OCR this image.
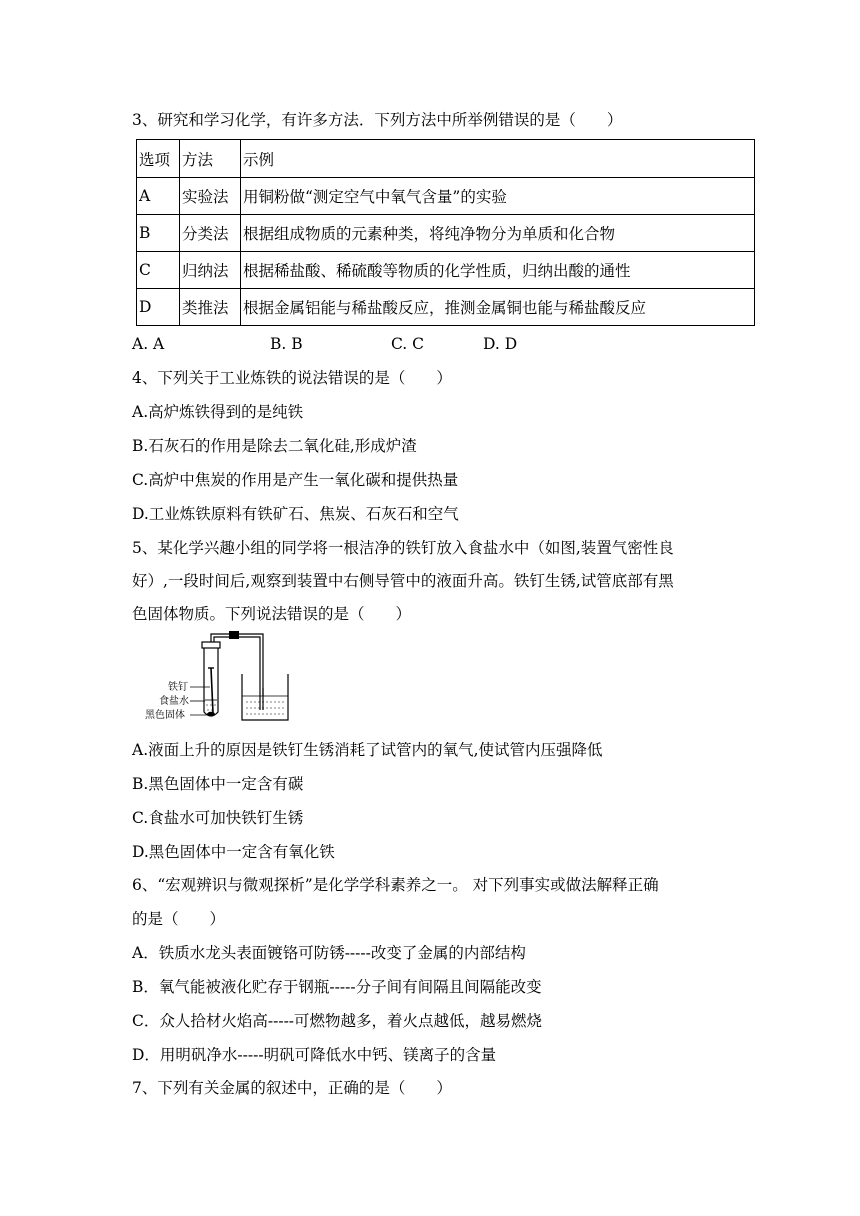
3、研究和学习化学，有许多方法．下列方法中所举例错误的是（　　）
选项	方法	示例
A	实验法	用铜粉做“测定空气中氧气含量”的实验
B	分类法	根据组成物质的元素种类，将纯净物分为单质和化合物
C	归纳法	根据稀盐酸、稀硫酸等物质的化学性质，归纳出酸的通性
D	类推法	根据金属铝能与稀盐酸反应，推测金属铜也能与稀盐酸反应
A. A	B. B	C. C	D. D
4、下列关于工业炼铁的说法错误的是（　　）
A.高炉炼铁得到的是纯铁
B.石灰石的作用是除去二氧化硅,形成炉渣
C.高炉中焦炭的作用是产生一氧化碳和提供热量
D.工业炼铁原料有铁矿石、焦炭、石灰石和空气
5、某化学兴趣小组的同学将一根洁净的铁钉放入食盐水中（如图,装置气密性良
好）,一段时间后,观察到装置中右侧导管中的液面升高。铁钉生锈,试管底部有黑
色固体物质。下列说法错误的是（　　）
铁钉
食盐水
黑色固体
A.液面上升的原因是铁钉生锈消耗了试管内的氧气,使试管内压强降低
B.黑色固体中一定含有碳
C.食盐水可加快铁钉生锈
D.黑色固体中一定含有氧化铁
6、“宏观辨识与微观探析”是化学学科素养之一。 对下列事实或做法解释正确
的是（　　）
A．铁质水龙头表面镀铬可防锈-----改变了金属的内部结构
B．氧气能被液化贮存于钢瓶-----分子间有间隔且间隔能改变
C．众人拾材火焰高-----可燃物越多，着火点越低，越易燃烧
D．用明矾净水-----明矾可降低水中钙、镁离子的含量
7、下列有关金属的叙述中，正确的是（　　）
